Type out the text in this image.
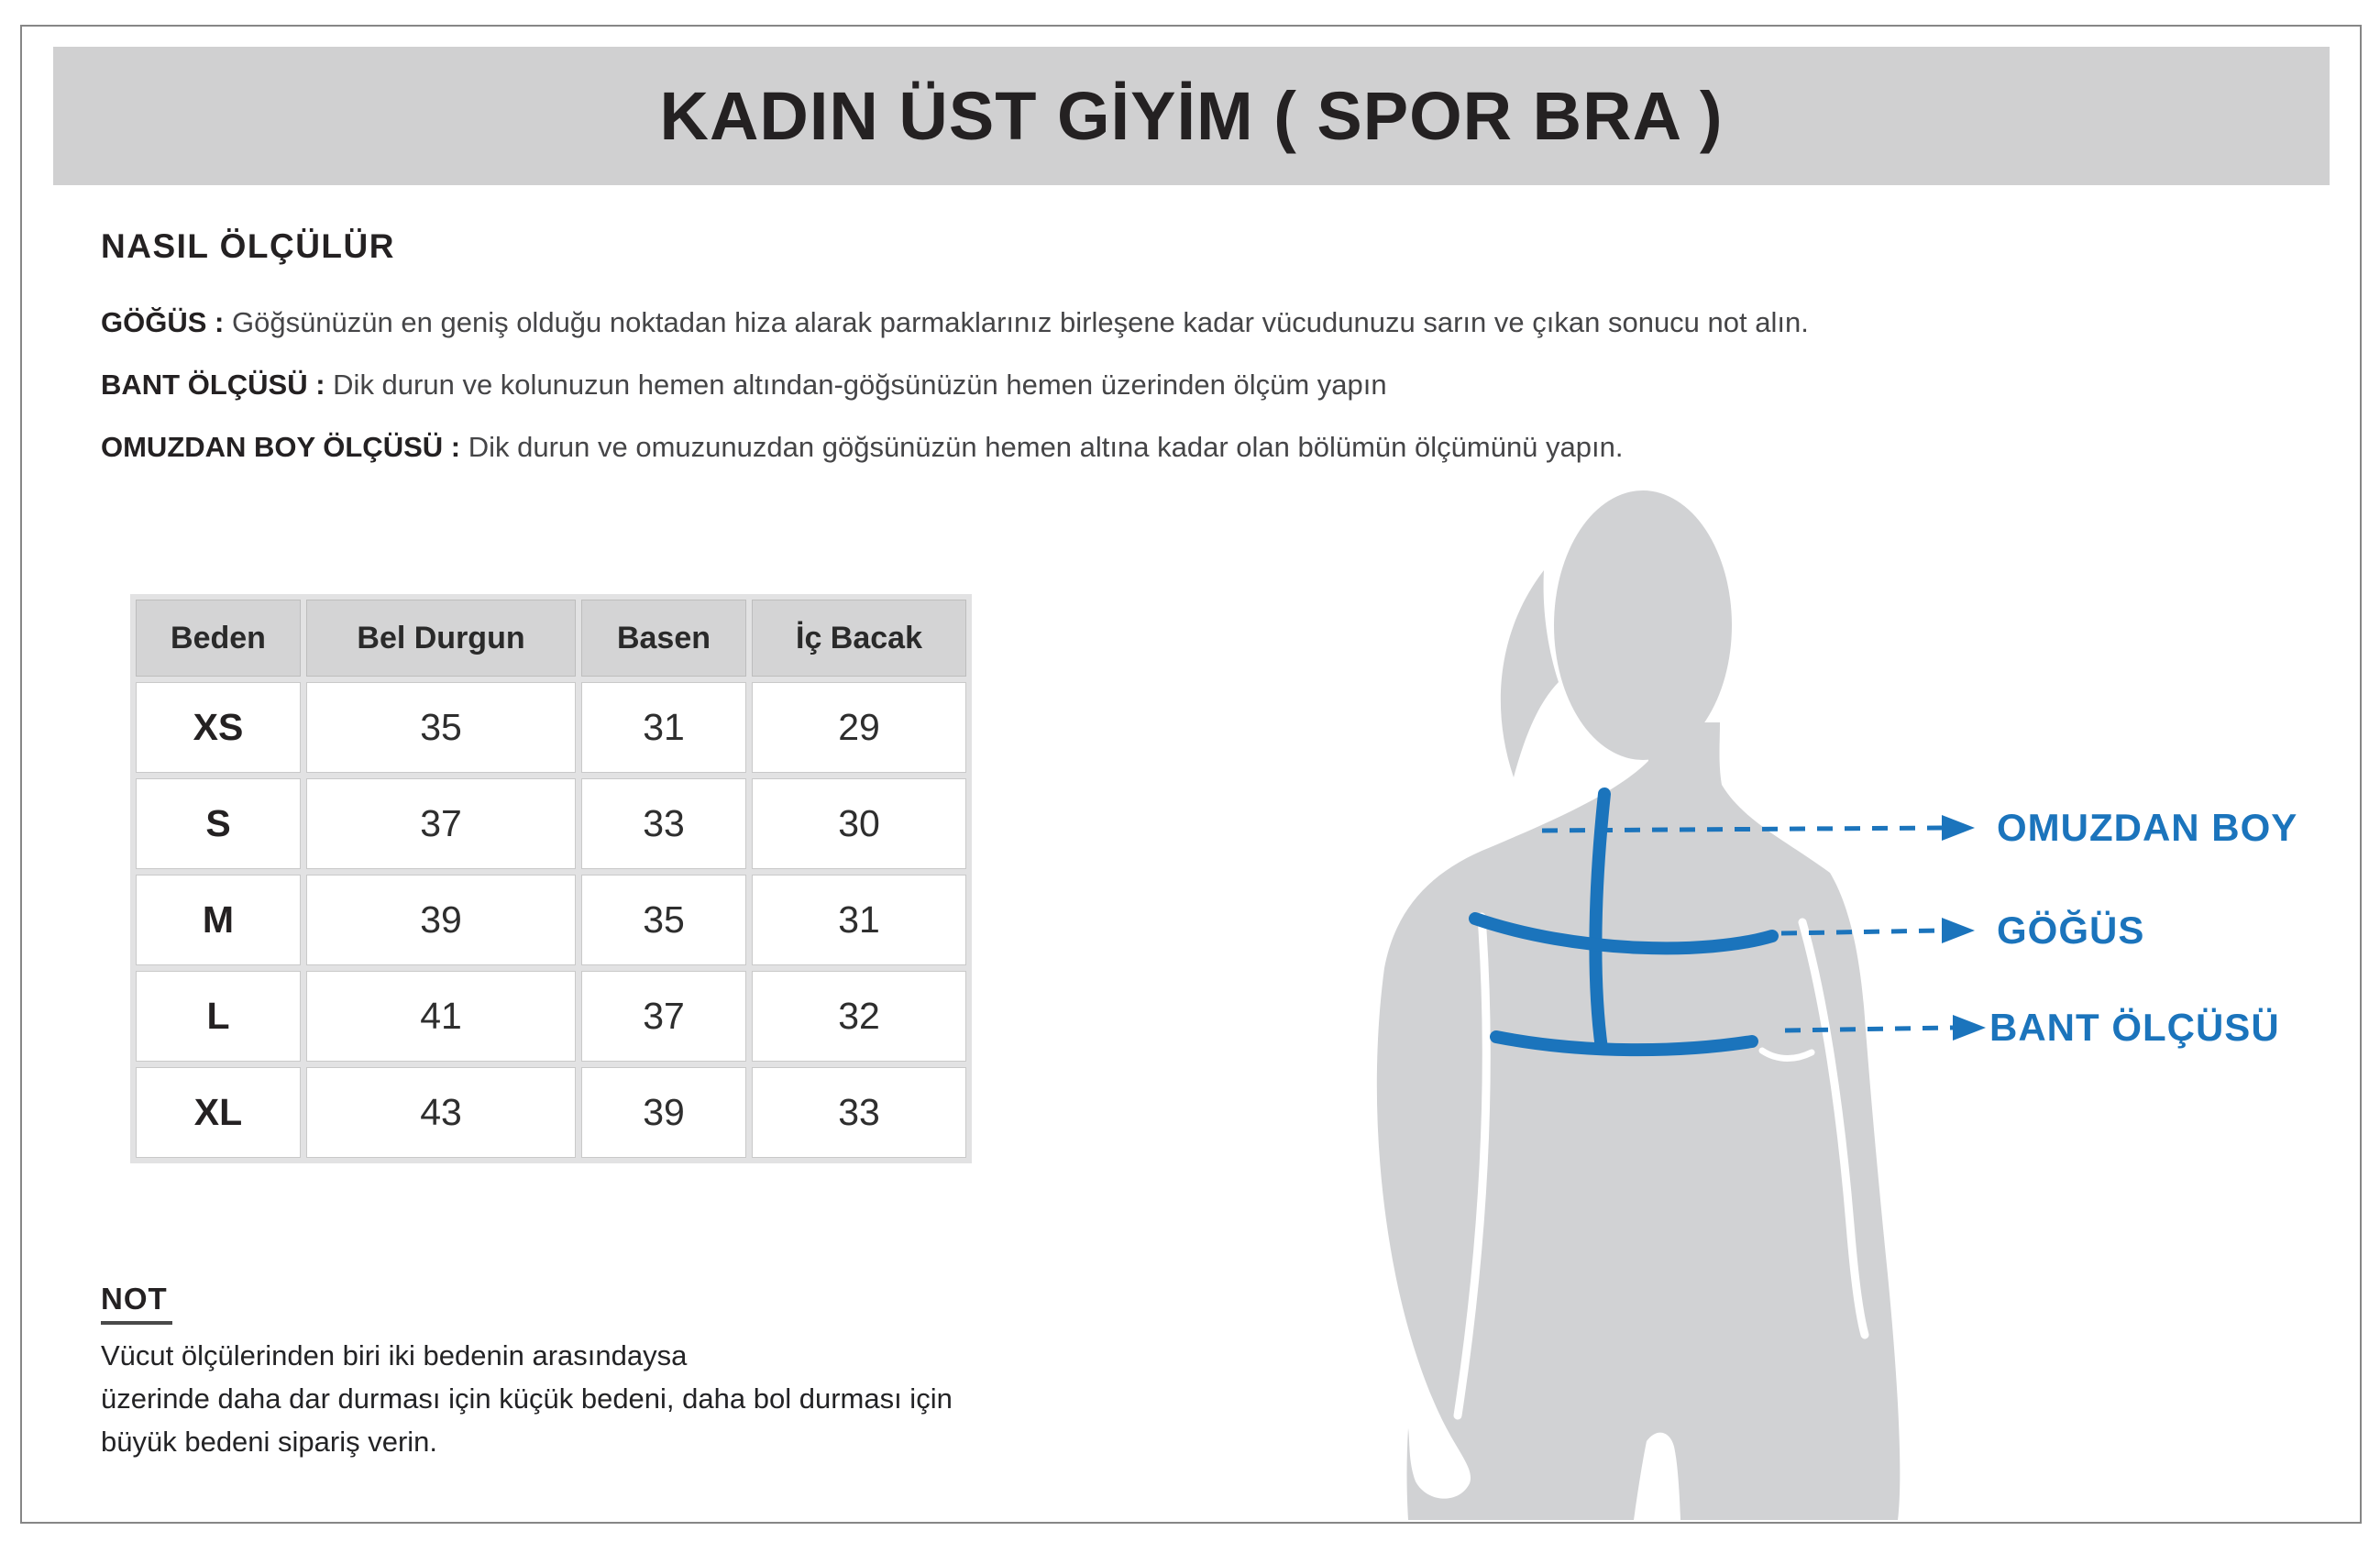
KADIN ÜST GİYİM ( SPOR BRA )
NASIL ÖLÇÜLÜR

GÖĞÜS : Göğsünüzün en geniş olduğu noktadan hiza alarak parmaklarınız birleşene kadar vücudunuzu sarın ve çıkan sonucu not alın.

BANT ÖLÇÜSÜ : Dik durun ve kolunuzun hemen altından-göğsünüzün hemen üzerinden ölçüm yapın

OMUZDAN BOY ÖLÇÜSÜ : Dik durun ve omuzunuzdan göğsünüzün hemen altına kadar olan bölümün ölçümünü yapın.

Beden	Bel Durgun	Basen	İç Bacak
XS	35	31	29
S	37	33	30
M	39	35	31
L	41	37	32
XL	43	39	33

NOT

Vücut ölçülerinden biri iki bedenin arasındaysa

üzerinde daha dar durması için küçük bedeni, daha bol durması için

büyük bedeni sipariş verin.

OMUZDAN BOY
GÖĞÜS
BANT ÖLÇÜSÜ
